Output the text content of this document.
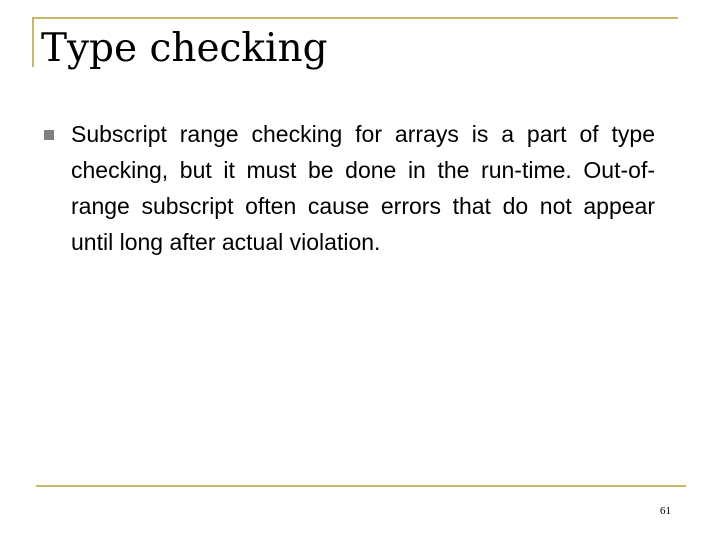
Type checking
Subscript range checking for arrays is a part of type checking, but it must be done in the run-time. Out-of-range subscript often cause errors that do not appear until long after actual violation.
61
